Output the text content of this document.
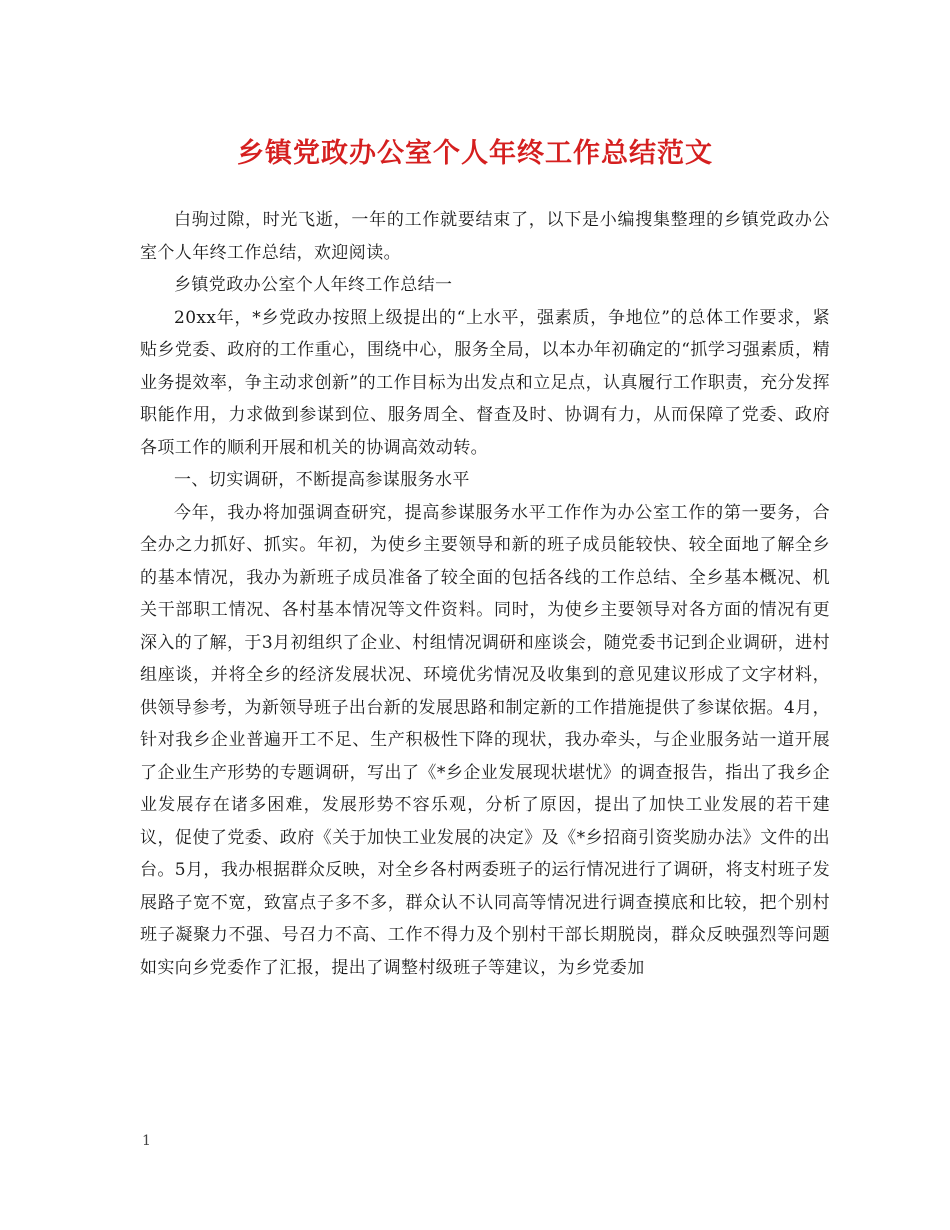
乡镇党政办公室个人年终工作总结范文

白驹过隙，时光飞逝，一年的工作就要结束了，以下是小编搜集整理的乡镇党政办公室个人年终工作总结，欢迎阅读。

乡镇党政办公室个人年终工作总结一

20xx年，*乡党政办按照上级提出的“上水平，强素质，争地位”的总体工作要求，紧贴乡党委、政府的工作重心，围绕中心，服务全局，以本办年初确定的“抓学习强素质，精业务提效率，争主动求创新”的工作目标为出发点和立足点，认真履行工作职责，充分发挥职能作用，力求做到参谋到位、服务周全、督查及时、协调有力，从而保障了党委、政府各项工作的顺利开展和机关的协调高效动转。

一、切实调研，不断提高参谋服务水平

今年，我办将加强调查研究，提高参谋服务水平工作作为办公室工作的第一要务，合全办之力抓好、抓实。年初，为使乡主要领导和新的班子成员能较快、较全面地了解全乡的基本情况，我办为新班子成员准备了较全面的包括各线的工作总结、全乡基本概况、机关干部职工情况、各村基本情况等文件资料。同时，为使乡主要领导对各方面的情况有更深入的了解，于3月初组织了企业、村组情况调研和座谈会，随党委书记到企业调研，进村组座谈，并将全乡的经济发展状况、环境优劣情况及收集到的意见建议形成了文字材料，供领导参考，为新领导班子出台新的发展思路和制定新的工作措施提供了参谋依据。4月，针对我乡企业普遍开工不足、生产积极性下降的现状，我办牵头，与企业服务站一道开展了企业生产形势的专题调研，写出了《*乡企业发展现状堪忧》的调查报告，指出了我乡企业发展存在诸多困难，发展形势不容乐观，分析了原因，提出了加快工业发展的若干建议，促使了党委、政府《关于加快工业发展的决定》及《*乡招商引资奖励办法》文件的出台。5月，我办根据群众反映，对全乡各村两委班子的运行情况进行了调研，将支村班子发展路子宽不宽，致富点子多不多，群众认不认同高等情况进行调查摸底和比较，把个别村班子凝聚力不强、号召力不高、工作不得力及个别村干部长期脱岗，群众反映强烈等问题如实向乡党委作了汇报，提出了调整村级班子等建议，为乡党委加

1
